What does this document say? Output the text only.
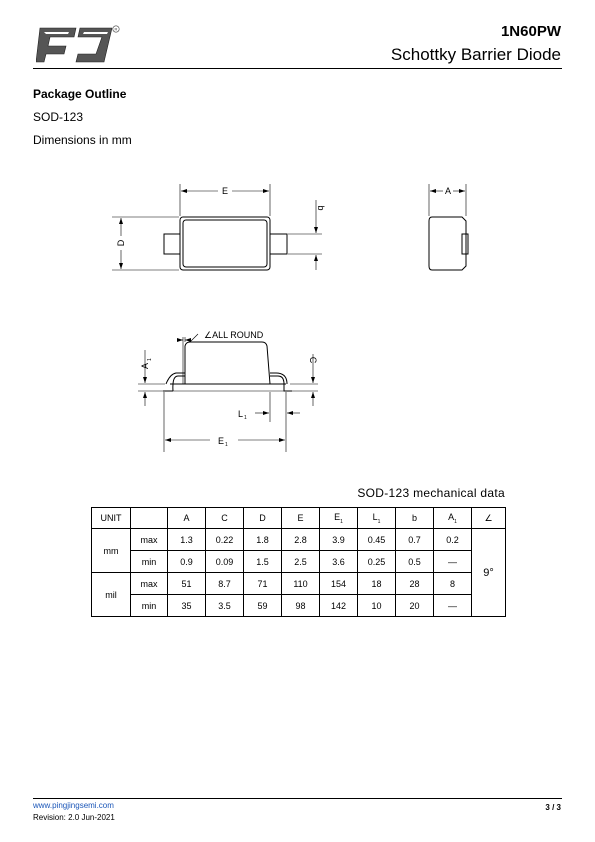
R	1N60PW
Schottky Barrier Diode
Package Outline
SOD-123
Dimensions in mm
E	A
b
D
∠ALL ROUND
A
1	C
L 1
E 1
SOD-123 mechanical data
UNIT		A	C	D	E	$E_1$	$L_1$	b	$A_1$	∠
mm	max	1.3	0.22	1.8	2.8	3.9	0.45	0.7	0.2	9°
	min	0.9	0.09	1.5	2.5	3.6	0.25	0.5	—	
mil	max	51	8.7	71	110	154	18	28	8	
	min	35	3.5	59	98	142	10	20	—	
www.pingjingsemi.com
Revision: 2.0 Jun-2021
3 / 3
